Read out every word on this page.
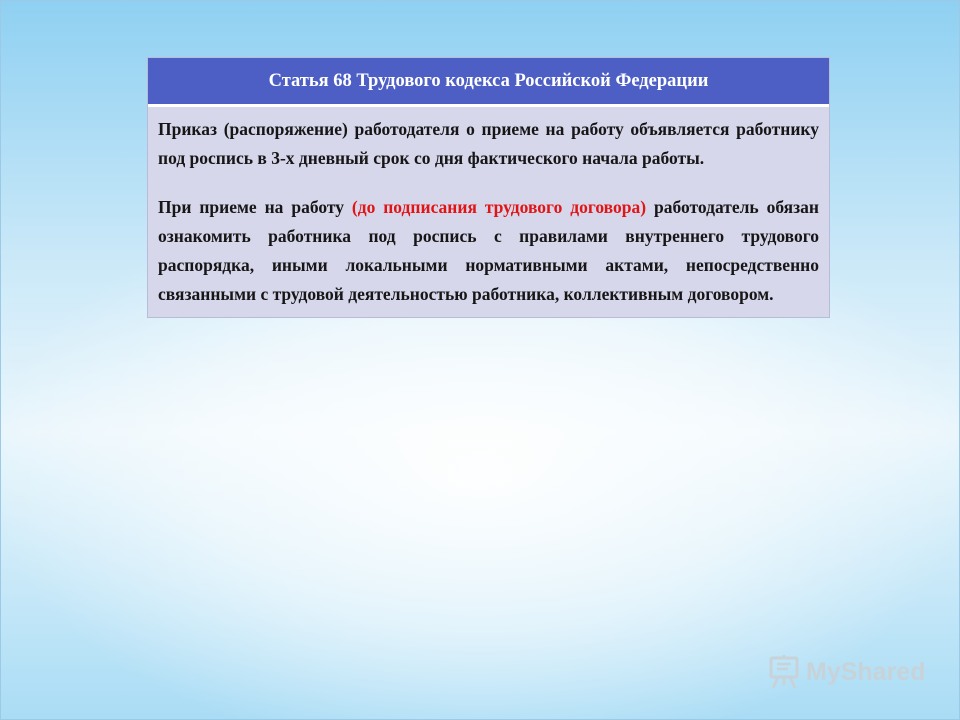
Статья 68 Трудового кодекса Российской Федерации

Приказ (распоряжение) работодателя о приеме на работу объявляется работнику под роспись в 3-х дневный срок со дня фактического начала работы.

При приеме на работу (до подписания трудового договора) работодатель обязан ознакомить работника под роспись с правилами внутреннего трудового распорядка, иными локальными нормативными актами, непосредственно связанными с трудовой деятельностью работника, коллективным договором.

MyShared
